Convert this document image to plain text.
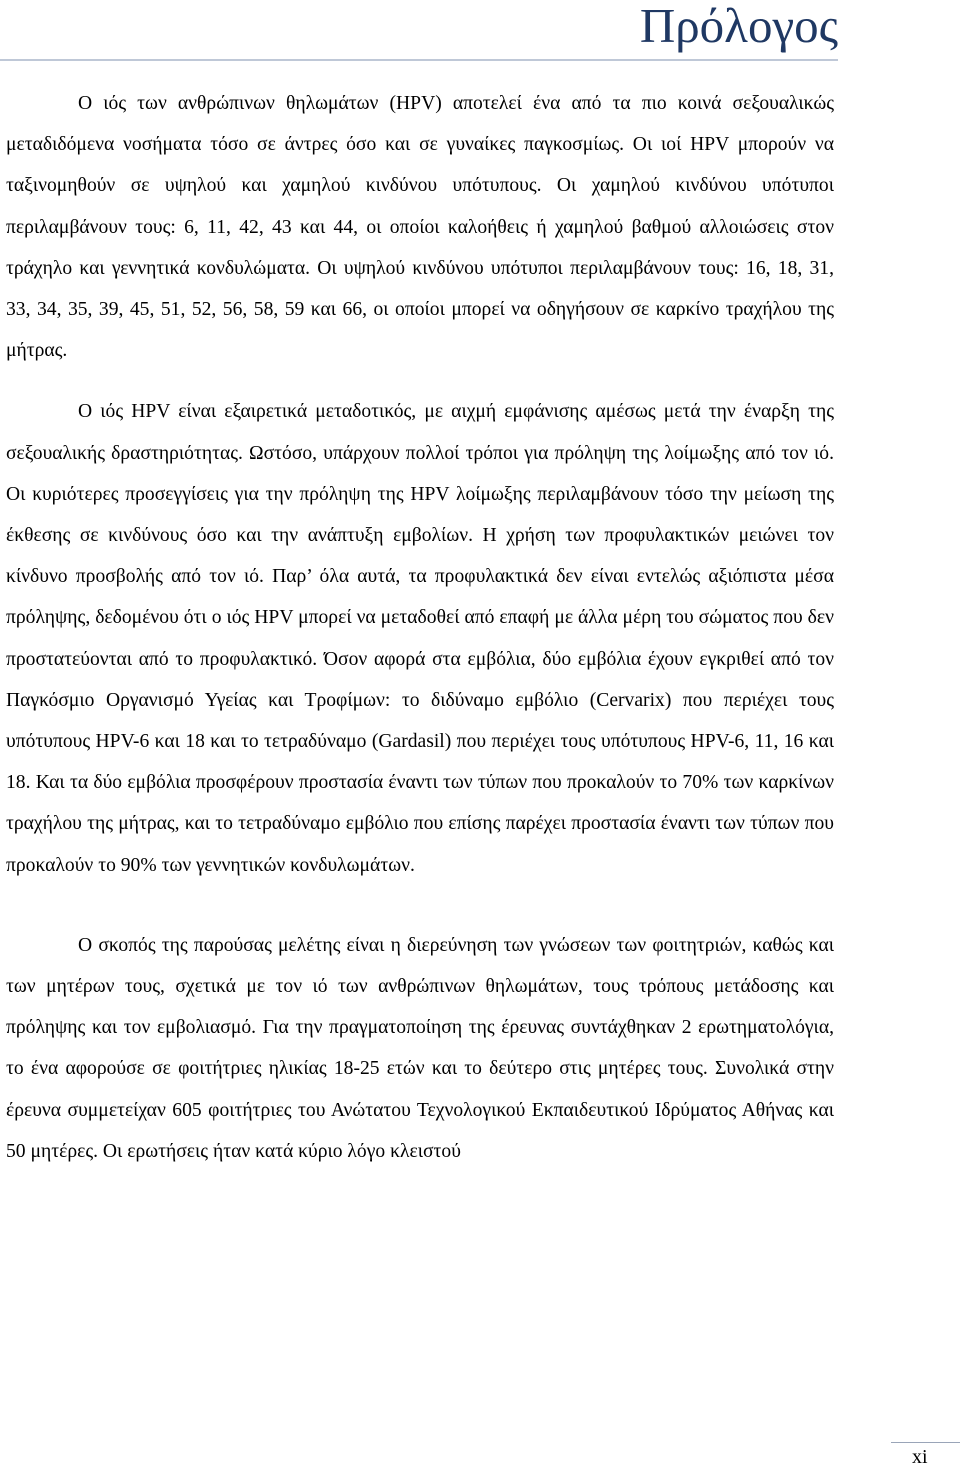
Πρόλογος

Ο ιός των ανθρώπινων θηλωμάτων (HPV) αποτελεί ένα από τα πιο κοινά σεξουαλικώς μεταδιδόμενα νοσήματα τόσο σε άντρες όσο και σε γυναίκες παγκοσμίως. Οι ιοί HPV μπορούν να ταξινομηθούν σε υψηλού και χαμηλού κινδύνου υπότυπους. Οι χαμηλού κινδύνου υπότυποι περιλαμβάνουν τους: 6, 11, 42, 43 και 44, οι οποίοι καλοήθεις ή χαμηλού βαθμού αλλοιώσεις στον τράχηλο και γεννητικά κονδυλώματα. Οι υψηλού κινδύνου υπότυποι περιλαμβάνουν τους: 16, 18, 31, 33, 34, 35, 39, 45, 51, 52, 56, 58, 59 και 66, οι οποίοι μπορεί να οδηγήσουν σε καρκίνο τραχήλου της μήτρας.

Ο ιός HPV είναι εξαιρετικά μεταδοτικός, με αιχμή εμφάνισης αμέσως μετά την έναρξη της σεξουαλικής δραστηριότητας. Ωστόσο, υπάρχουν πολλοί τρόποι για πρόληψη της λοίμωξης από τον ιό. Οι κυριότερες προσεγγίσεις για την πρόληψη της HPV λοίμωξης περιλαμβάνουν τόσο την μείωση της έκθεσης σε κινδύνους όσο και την ανάπτυξη εμβολίων. Η χρήση των προφυλακτικών μειώνει τον κίνδυνο προσβολής από τον ιό. Παρ’ όλα αυτά, τα προφυλακτικά δεν είναι εντελώς αξιόπιστα μέσα πρόληψης, δεδομένου ότι ο ιός HPV μπορεί να μεταδοθεί από επαφή με άλλα μέρη του σώματος που δεν προστατεύονται από το προφυλακτικό. Όσον αφορά στα εμβόλια, δύο εμβόλια έχουν εγκριθεί από τον Παγκόσμιο Οργανισμό Υγείας και Τροφίμων: το διδύναμο εμβόλιο (Cervarix) που περιέχει τους υπότυπους HPV-6 και 18 και το τετραδύναμο (Gardasil) που περιέχει τους υπότυπους HPV-6, 11, 16 και 18. Και τα δύο εμβόλια προσφέρουν προστασία έναντι των τύπων που προκαλούν το 70% των καρκίνων τραχήλου της μήτρας, και το τετραδύναμο εμβόλιο που επίσης παρέχει προστασία έναντι των τύπων που προκαλούν το 90% των γεννητικών κονδυλωμάτων.

Ο σκοπός της παρούσας μελέτης είναι η διερεύνηση των γνώσεων των φοιτητριών, καθώς και των μητέρων τους, σχετικά με τον ιό των ανθρώπινων θηλωμάτων, τους τρόπους μετάδοσης και πρόληψης και τον εμβολιασμό. Για την πραγματοποίηση της έρευνας συντάχθηκαν 2 ερωτηματολόγια, το ένα αφορούσε σε φοιτήτριες ηλικίας 18-25 ετών και το δεύτερο στις μητέρες τους. Συνολικά στην έρευνα συμμετείχαν 605 φοιτήτριες του Ανώτατου Τεχνολογικού Εκπαιδευτικού Ιδρύματος Αθήνας και 50 μητέρες. Οι ερωτήσεις ήταν κατά κύριο λόγο κλειστού

xi
